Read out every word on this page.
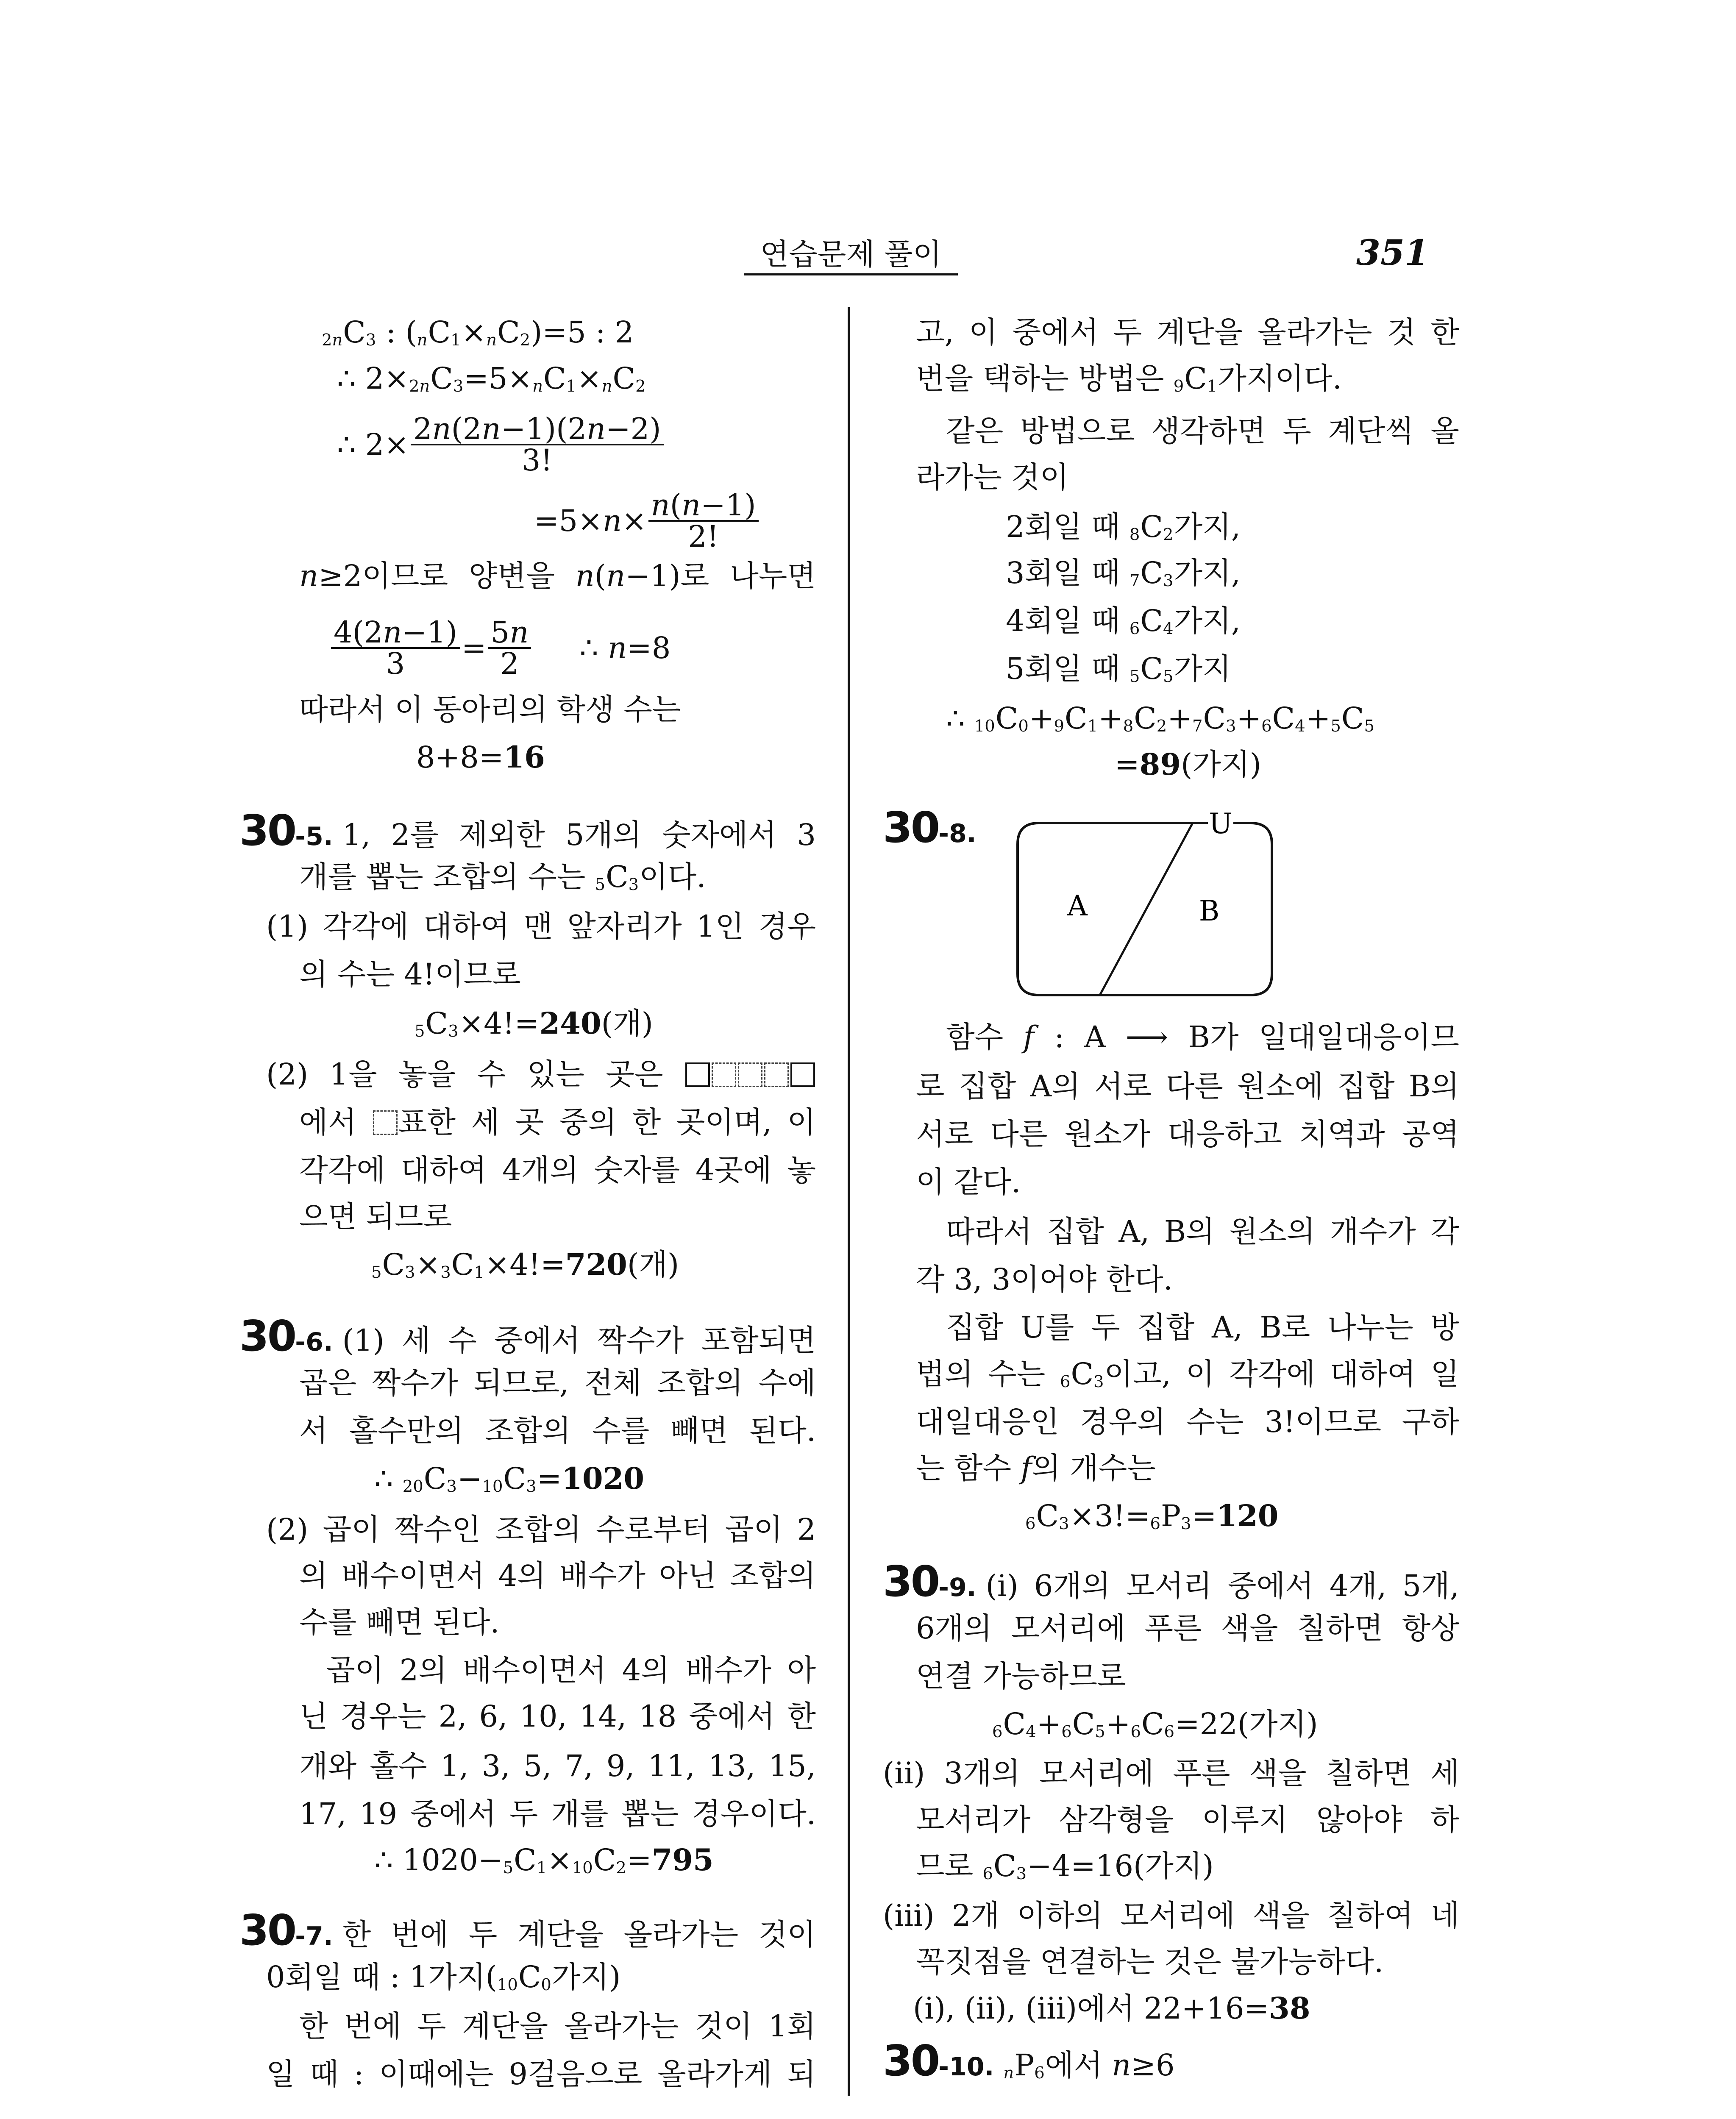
연습문제 풀이	351
$_{2n}C_3$ : $(_nC_1\times_nC_2)=5$ : 2
∴ $2\times_{2n}C_3=5\times_nC_1\times_nC_2$
∴ $2\times \frac{2n(2n-1)(2n-2)}{3!}$
$=5\times n\times \frac{n(n-1)}{2!}$
n≥2이므로 양변을 n(n−1)로 나누면
$\frac{4(2n-1)}{3} = \frac{5n}{2}$ ∴ n=8
따라서 이 동아리의 학생 수는
8+8=16
30-5. 1, 2를 제외한 5개의 숫자에서 3
개를 뽑는 조합의 수는 $_5C_3$이다.
(1) 각각에 대하여 맨 앞자리가 1인 경우
의 수는 4!이므로
$_5C_3\times 4!=240$(개)
(2) 1을 놓을 수 있는 곳은
에서 표한 세 곳 중의 한 곳이며, 이
각각에 대하여 4개의 숫자를 4곳에 놓
으면 되므로
$_5C_3\times_3C_1\times 4!=720$(개)
30-6. (1) 세 수 중에서 짝수가 포함되면
곱은 짝수가 되므로, 전체 조합의 수에
서 홀수만의 조합의 수를 빼면 된다.
∴ $_{20}C_3-_{10}C_3=1020$
(2) 곱이 짝수인 조합의 수로부터 곱이 2
의 배수이면서 4의 배수가 아닌 조합의
수를 빼면 된다.
곱이 2의 배수이면서 4의 배수가 아
닌 경우는 2, 6, 10, 14, 18 중에서 한
개와 홀수 1, 3, 5, 7, 9, 11, 13, 15,
17, 19 중에서 두 개를 뽑는 경우이다.
∴ $1020-_5C_1\times_{10}C_2=795$
30-7. 한 번에 두 계단을 올라가는 것이
0회일 때 : 1가지($_{10}C_0$가지)
한 번에 두 계단을 올라가는 것이 1회
일 때 : 이때에는 9걸음으로 올라가게 되
고, 이 중에서 두 계단을 올라가는 것 한
번을 택하는 방법은 $_9C_1$가지이다.
같은 방법으로 생각하면 두 계단씩 올
라가는 것이
2회일 때 $_8C_2$가지,
3회일 때 $_7C_3$가지,
4회일 때 $_6C_4$가지,
5회일 때 $_5C_5$가지
∴ $_{10}C_0+_9C_1+_8C_2+_7C_3+_6C_4+_5C_5$
=89(가지)
30-8.	U
A	B
함수 f : A ⟶ B가 일대일대응이므
로 집합 A의 서로 다른 원소에 집합 B의
서로 다른 원소가 대응하고 치역과 공역
이 같다.
따라서 집합 A, B의 원소의 개수가 각
각 3, 3이어야 한다.
집합 U를 두 집합 A, B로 나누는 방
법의 수는 $_6C_3$이고, 이 각각에 대하여 일
대일대응인 경우의 수는 3!이므로 구하
는 함수 f의 개수는
$_6C_3\times 3!=_6P_3=120$
30-9. (i) 6개의 모서리 중에서 4개, 5개,
6개의 모서리에 푸른 색을 칠하면 항상
연결 가능하므로
$_6C_4+_6C_5+_6C_6=22$(가지)
(ii) 3개의 모서리에 푸른 색을 칠하면 세
모서리가 삼각형을 이루지 않아야 하
므로 $_6C_3-4=16$(가지)
(iii) 2개 이하의 모서리에 색을 칠하여 네
꼭짓점을 연결하는 것은 불가능하다.
(i), (ii), (iii)에서 22+16=38
30-10. $_nP_6$에서 n≥6
